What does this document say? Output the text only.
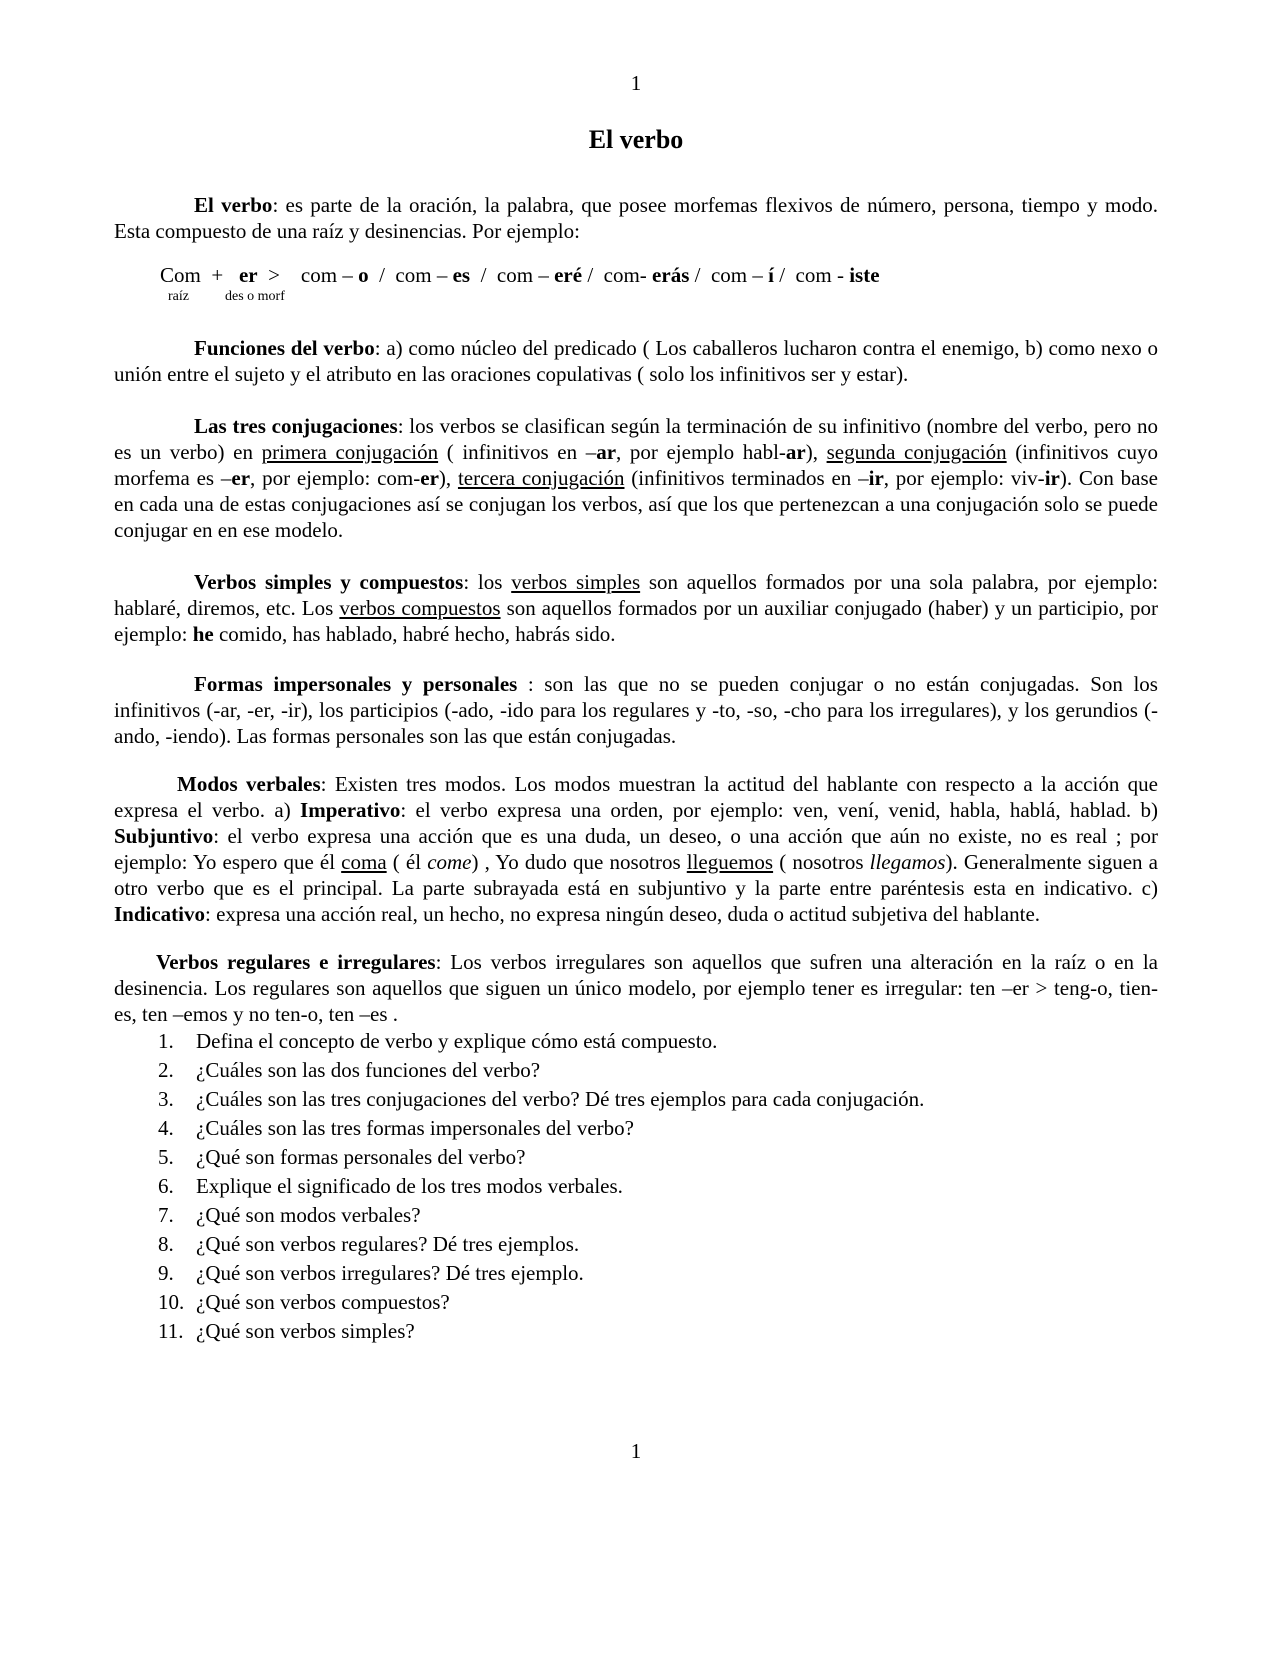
1
El verbo

El verbo: es parte de la oración, la palabra, que posee morfemas flexivos de número, persona, tiempo y modo. Esta compuesto de una raíz y desinencias. Por ejemplo:

Com  +   er  >    com – o  /  com – es  /  com – eré /  com- erás /  com – í /  com - iste
raíz	des o morf

Funciones del verbo: a) como núcleo del predicado ( Los caballeros lucharon contra el enemigo, b) como nexo o unión entre el sujeto y el atributo en las oraciones copulativas ( solo los infinitivos ser y estar).

Las tres conjugaciones: los verbos se clasifican según la terminación de su infinitivo (nombre del verbo, pero no es un verbo) en primera conjugación ( infinitivos en –ar, por ejemplo habl-ar), segunda conjugación (infinitivos cuyo morfema es –er, por ejemplo: com-er), tercera conjugación (infinitivos terminados en –ir, por ejemplo: viv-ir). Con base en cada una de estas conjugaciones así se conjugan los verbos, así que los que pertenezcan a una conjugación solo se puede conjugar en en ese modelo.

Verbos simples y compuestos: los verbos simples son aquellos formados por una sola palabra, por ejemplo: hablaré, diremos, etc. Los verbos compuestos son aquellos formados por un auxiliar conjugado (haber) y un participio, por ejemplo: he comido, has hablado, habré hecho, habrás sido.

Formas impersonales y personales : son las que no se pueden conjugar o no están conjugadas. Son los infinitivos (-ar, -er, -ir), los participios (-ado, -ido para los regulares y -to, -so, -cho para los irregulares), y los gerundios (-ando, -iendo). Las formas personales son las que están conjugadas.

Modos verbales: Existen tres modos. Los modos muestran la actitud del hablante con respecto a la acción que expresa el verbo. a) Imperativo: el verbo expresa una orden, por ejemplo: ven, vení, venid, habla, hablá, hablad. b) Subjuntivo: el verbo expresa una acción que es una duda, un deseo, o una acción que aún no existe, no es real ; por ejemplo: Yo espero que él coma ( él come) , Yo dudo que nosotros lleguemos ( nosotros llegamos). Generalmente siguen a otro verbo que es el principal. La parte subrayada está en subjuntivo y la parte entre paréntesis esta en indicativo. c) Indicativo: expresa una acción real, un hecho, no expresa ningún deseo, duda o actitud subjetiva del hablante.

Verbos regulares e irregulares: Los verbos irregulares son aquellos que sufren una alteración en la raíz o en la desinencia. Los regulares son aquellos que siguen un único modelo, por ejemplo tener es irregular: ten –er > teng-o, tien- es, ten –emos y no ten-o, ten –es .

1.	Defina el concepto de verbo y explique cómo está compuesto.
2.	¿Cuáles son las dos funciones del verbo?
3.	¿Cuáles son las tres conjugaciones del verbo? Dé tres ejemplos para cada conjugación.
4.	¿Cuáles son las tres formas impersonales del verbo?
5.	¿Qué son formas personales del verbo?
6.	Explique el significado de los tres modos verbales.
7.	¿Qué son modos verbales?
8.	¿Qué son verbos regulares? Dé tres ejemplos.
9.	¿Qué son verbos irregulares? Dé tres ejemplo.
10. ¿Qué son verbos compuestos?
11. ¿Qué son verbos simples?
1
